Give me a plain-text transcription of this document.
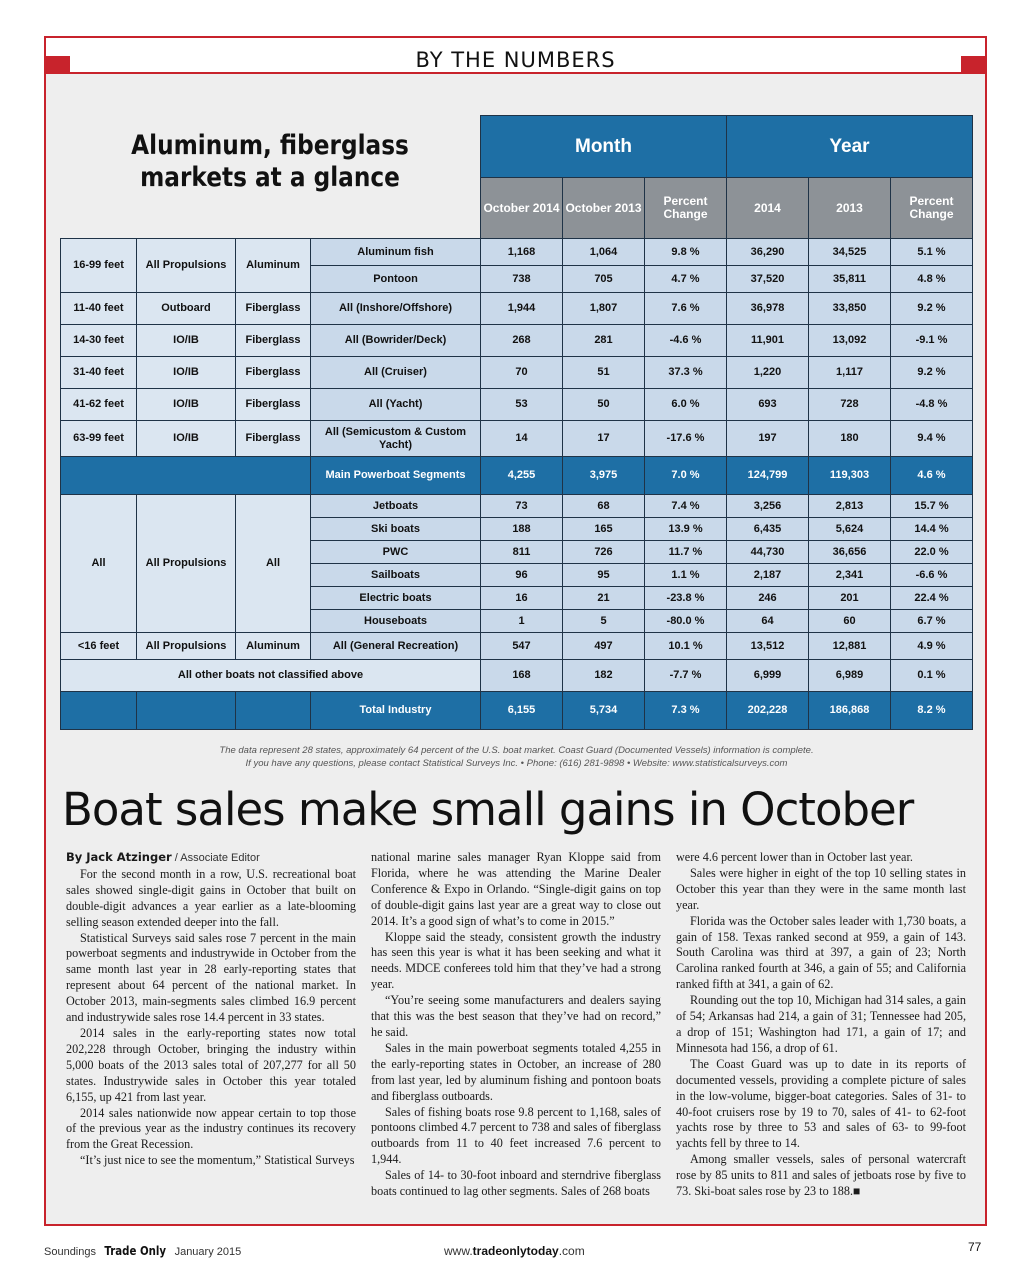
BY THE NUMBERS
Aluminum, fiberglass
markets at a glance
				Month			Year		
				October 2014	October 2013	Percent Change	2014	2013	Percent Change
16-99 feet	All Propulsions	Aluminum	Aluminum fish	1,168	1,064	9.8 %	36,290	34,525	5.1 %
			Pontoon	738	705	4.7 %	37,520	35,811	4.8 %
11-40 feet	Outboard	Fiberglass	All (Inshore/Offshore)	1,944	1,807	7.6 %	36,978	33,850	9.2 %
14-30 feet	IO/IB	Fiberglass	All (Bowrider/Deck)	268	281	-4.6 %	11,901	13,092	-9.1 %
31-40 feet	IO/IB	Fiberglass	All (Cruiser)	70	51	37.3 %	1,220	1,117	9.2 %
41-62 feet	IO/IB	Fiberglass	All (Yacht)	53	50	6.0 %	693	728	-4.8 %
63-99 feet	IO/IB	Fiberglass	All (Semicustom & Custom Yacht)	14	17	-17.6 %	197	180	9.4 %
			Main Powerboat Segments	4,255	3,975	7.0 %	124,799	119,303	4.6 %
All	All Propulsions	All	Jetboats	73	68	7.4 %	3,256	2,813	15.7 %
			Ski boats	188	165	13.9 %	6,435	5,624	14.4 %
			PWC	811	726	11.7 %	44,730	36,656	22.0 %
			Sailboats	96	95	1.1 %	2,187	2,341	-6.6 %
			Electric boats	16	21	-23.8 %	246	201	22.4 %
			Houseboats	1	5	-80.0 %	64	60	6.7 %
<16 feet	All Propulsions	Aluminum	All (General Recreation)	547	497	10.1 %	13,512	12,881	4.9 %
All other boats not classified above				168	182	-7.7 %	6,999	6,989	0.1 %
			Total Industry	6,155	5,734	7.3 %	202,228	186,868	8.2 %
The data represent 28 states, approximately 64 percent of the U.S. boat market. Coast Guard (Documented Vessels) information is complete.
If you have any questions, please contact Statistical Surveys Inc. • Phone: (616) 281-9898 • Website: www.statisticalsurveys.com
Boat sales make small gains in October

By Jack Atzinger / Associate Editor

For the second month in a row, U.S. recreational boat sales showed single-digit gains in October that built on double-digit advances a year earlier as a late-blooming selling season extended deeper into the fall.

Statistical Surveys said sales rose 7 percent in the main powerboat segments and industrywide in October from the same month last year in 28 early-reporting states that represent about 64 percent of the national market. In October 2013, main-segments sales climbed 16.9 percent and industrywide sales rose 14.4 percent in 33 states.

2014 sales in the early-reporting states now total 202,228 through October, bringing the industry within 5,000 boats of the 2013 sales total of 207,277 for all 50 states. Industrywide sales in October this year totaled 6,155, up 421 from last year.

2014 sales nationwide now appear certain to top those of the previous year as the industry continues its recovery from the Great Recession.

“It’s just nice to see the momentum,” Statistical Surveys

national marine sales manager Ryan Kloppe said from Florida, where he was attending the Marine Dealer Conference & Expo in Orlando. “Single-digit gains on top of double-digit gains last year are a great way to close out 2014. It’s a good sign of what’s to come in 2015.”

Kloppe said the steady, consistent growth the industry has seen this year is what it has been seeking and what it needs. MDCE conferees told him that they’ve had a strong year.

“You’re seeing some manufacturers and dealers saying that this was the best season that they’ve had on record,” he said.

Sales in the main powerboat segments totaled 4,255 in the early-reporting states in October, an increase of 280 from last year, led by aluminum fishing and pontoon boats and fiberglass outboards.

Sales of fishing boats rose 9.8 percent to 1,168, sales of pontoons climbed 4.7 percent to 738 and sales of fiberglass outboards from 11 to 40 feet increased 7.6 percent to 1,944.

Sales of 14- to 30-foot inboard and sterndrive fiberglass boats continued to lag other segments. Sales of 268 boats

were 4.6 percent lower than in October last year.

Sales were higher in eight of the top 10 selling states in October this year than they were in the same month last year.

Florida was the October sales leader with 1,730 boats, a gain of 158. Texas ranked second at 959, a gain of 143. South Carolina was third at 397, a gain of 23; North Carolina ranked fourth at 346, a gain of 55; and California ranked fifth at 341, a gain of 62.

Rounding out the top 10, Michigan had 314 sales, a gain of 54; Arkansas had 214, a gain of 31; Tennessee had 205, a drop of 151; Washington had 171, a gain of 17; and Minnesota had 156, a drop of 61.

The Coast Guard was up to date in its reports of documented vessels, providing a complete picture of sales in the low-volume, bigger-boat categories. Sales of 31- to 40-foot cruisers rose by 19 to 70, sales of 41- to 62-foot yachts rose by three to 53 and sales of 63- to 99-foot yachts fell by three to 14.

Among smaller vessels, sales of personal watercraft rose by 85 units to 811 and sales of jetboats rose by five to 73. Ski-boat sales rose by 23 to 188.■

Soundings Trade Only January 2015	www.tradeonlytoday.com	77
